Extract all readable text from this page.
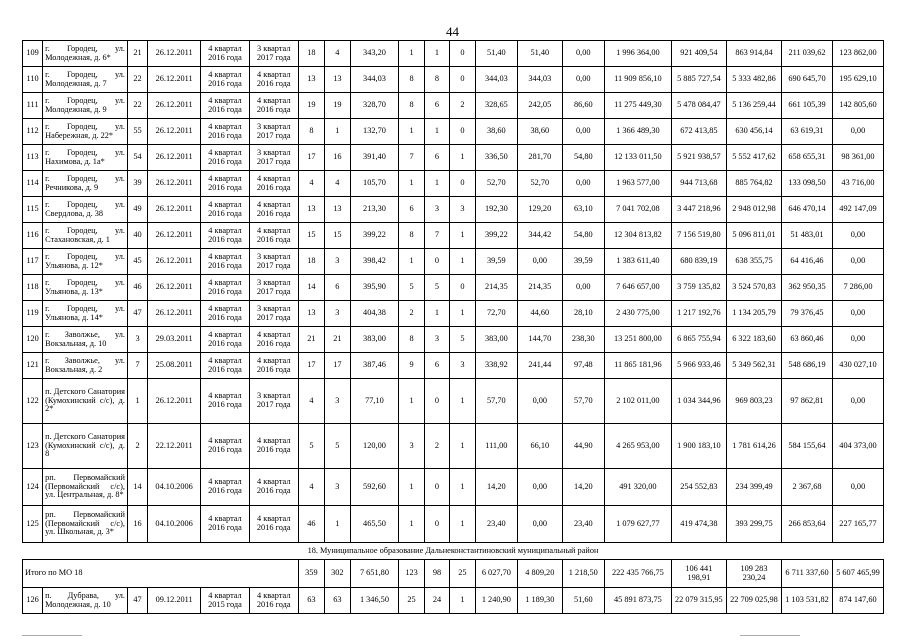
44
109	г. Городец, ул. Молодежная, д. 6*	21	26.12.2011	4 квартал 2016 года	3 квартал 2017 года	18	4	343,20	1	1	0	51,40	51,40	0,00	1 996 364,00	921 409,54	863 914,84	211 039,62	123 862,00
110	г. Городец, ул. Молодежная, д. 7	22	26.12.2011	4 квартал 2016 года	4 квартал 2016 года	13	13	344,03	8	8	0	344,03	344,03	0,00	11 909 856,10	5 885 727,54	5 333 482,86	690 645,70	195 629,10
111	г. Городец, ул. Молодежная, д. 9	22	26.12.2011	4 квартал 2016 года	4 квартал 2016 года	19	19	328,70	8	6	2	328,65	242,05	86,60	11 275 449,30	5 478 084,47	5 136 259,44	661 105,39	142 805,60
112	г. Городец, ул. Набережная, д. 22*	55	26.12.2011	4 квартал 2016 года	3 квартал 2017 года	8	1	132,70	1	1	0	38,60	38,60	0,00	1 366 489,30	672 413,85	630 456,14	63 619,31	0,00
113	г. Городец, ул. Нахимова, д. 1а*	54	26.12.2011	4 квартал 2016 года	3 квартал 2017 года	17	16	391,40	7	6	1	336,50	281,70	54,80	12 133 011,50	5 921 938,57	5 552 417,62	658 655,31	98 361,00
114	г. Городец, ул. Речникова, д. 9	39	26.12.2011	4 квартал 2016 года	4 квартал 2016 года	4	4	105,70	1	1	0	52,70	52,70	0,00	1 963 577,00	944 713,68	885 764,82	133 098,50	43 716,00
115	г. Городец, ул. Свердлова, д. 38	49	26.12.2011	4 квартал 2016 года	4 квартал 2016 года	13	13	213,30	6	3	3	192,30	129,20	63,10	7 041 702,08	3 447 218,96	2 948 012,98	646 470,14	492 147,09
116	г. Городец, ул. Стахановская, д. 1	40	26.12.2011	4 квартал 2016 года	4 квартал 2016 года	15	15	399,22	8	7	1	399,22	344,42	54,80	12 304 813,82	7 156 519,80	5 096 811,01	51 483,01	0,00
117	г. Городец, ул. Ульянова, д. 12*	45	26.12.2011	4 квартал 2016 года	3 квартал 2017 года	18	3	398,42	1	0	1	39,59	0,00	39,59	1 383 611,40	680 839,19	638 355,75	64 416,46	0,00
118	г. Городец, ул. Ульянова, д. 13*	46	26.12.2011	4 квартал 2016 года	3 квартал 2017 года	14	6	395,90	5	5	0	214,35	214,35	0,00	7 646 657,00	3 759 135,82	3 524 570,83	362 950,35	7 286,00
119	г. Городец, ул. Ульянова, д. 14*	47	26.12.2011	4 квартал 2016 года	3 квартал 2017 года	13	3	404,38	2	1	1	72,70	44,60	28,10	2 430 775,00	1 217 192,76	1 134 205,79	79 376,45	0,00
120	г. Заволжье, ул. Вокзальная, д. 10	3	29.03.2011	4 квартал 2016 года	4 квартал 2016 года	21	21	383,00	8	3	5	383,00	144,70	238,30	13 251 800,00	6 865 755,94	6 322 183,60	63 860,46	0,00
121	г. Заволжье, ул. Вокзальная, д. 2	7	25.08.2011	4 квартал 2016 года	4 квартал 2016 года	17	17	387,46	9	6	3	338,92	241,44	97,48	11 865 181,96	5 966 933,46	5 349 562,31	548 686,19	430 027,10
122	п. Детского Санатория (Кумохинский с/с), д. 2*	1	26.12.2011	4 квартал 2016 года	3 квартал 2017 года	4	3	77,10	1	0	1	57,70	0,00	57,70	2 102 011,00	1 034 344,96	969 803,23	97 862,81	0,00
123	п. Детского Санатория (Кумохинский с/с), д. 8	2	22.12.2011	4 квартал 2016 года	4 квартал 2016 года	5	5	120,00	3	2	1	111,00	66,10	44,90	4 265 953,00	1 900 183,10	1 781 614,26	584 155,64	404 373,00
124	рп. Первомайский (Первомайский с/с), ул. Центральная, д. 8*	14	04.10.2006	4 квартал 2016 года	4 квартал 2016 года	4	3	592,60	1	0	1	14,20	0,00	14,20	491 320,00	254 552,83	234 399,49	2 367,68	0,00
125	рп. Первомайский (Первомайский с/с), ул. Школьная, д. 3*	16	04.10.2006	4 квартал 2016 года	4 квартал 2016 года	46	1	465,50	1	0	1	23,40	0,00	23,40	1 079 627,77	419 474,38	393 299,75	266 853,64	227 165,77
18. Муниципальное образование Дальнеконстантиновский муниципальный район																			
Итого по МО 18						359	302	7 651,80	123	98	25	6 027,70	4 809,20	1 218,50	222 435 766,75	106 441 198,91	109 283 230,24	6 711 337,60	5 607 465,99
126	п. Дубрава, ул. Молодежная, д. 10	47	09.12.2011	4 квартал 2015 года	4 квартал 2016 года	63	63	1 346,50	25	24	1	1 240,90	1 189,30	51,60	45 891 873,75	22 079 315,95	22 709 025,98	1 103 531,82	874 147,60
